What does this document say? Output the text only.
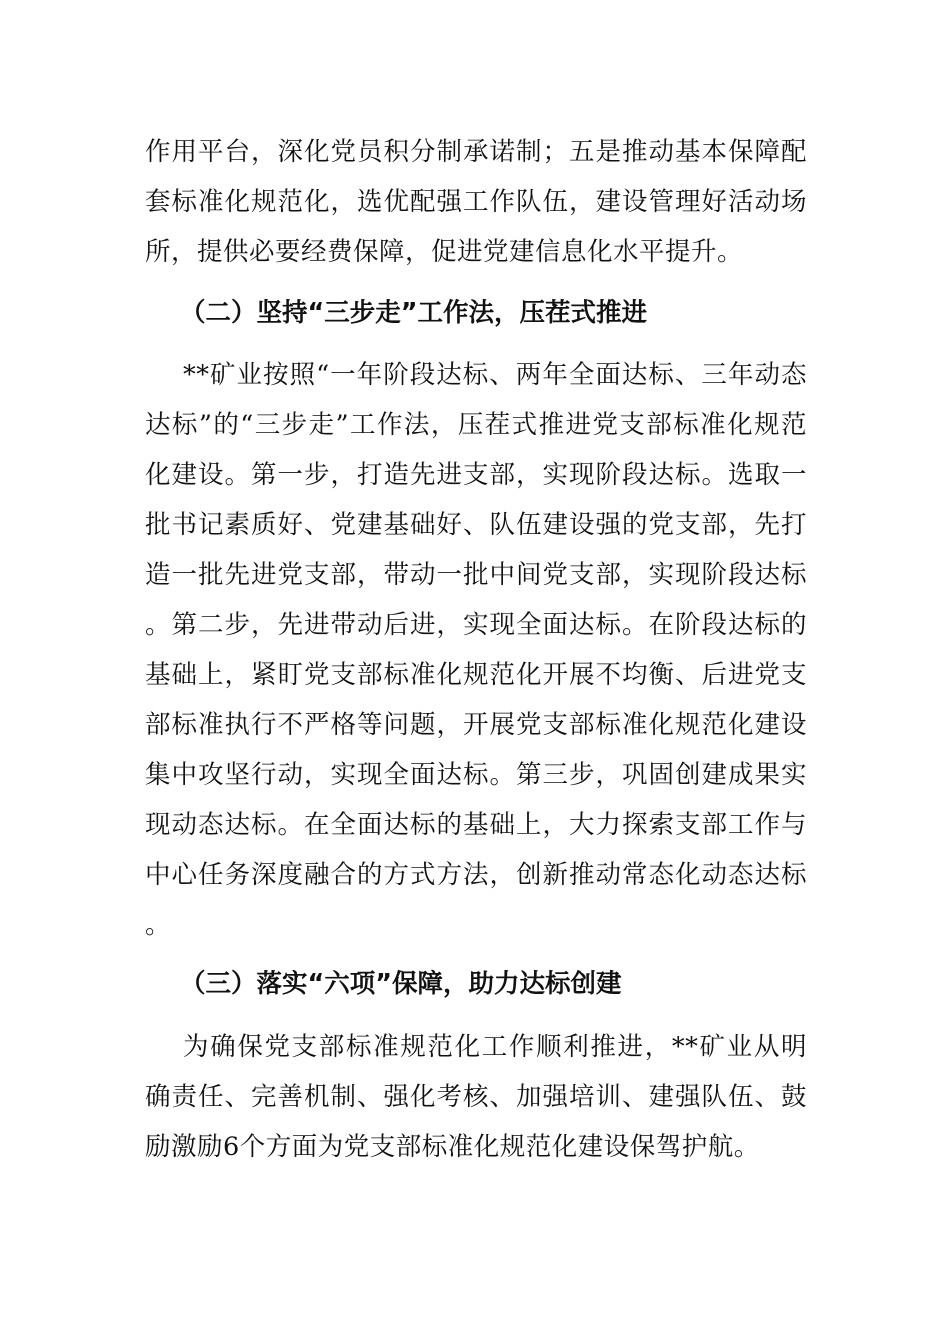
作用平台，深化党员积分制承诺制；五是推动基本保障配套标准化规范化，选优配强工作队伍，建设管理好活动场所，提供必要经费保障，促进党建信息化水平提升。

（二）坚持“三步走”工作法，压茬式推进

**矿业按照“一年阶段达标、两年全面达标、三年动态达标”的“三步走”工作法，压茬式推进党支部标准化规范化建设。第一步，打造先进支部，实现阶段达标。选取一批书记素质好、党建基础好、队伍建设强的党支部，先打造一批先进党支部，带动一批中间党支部，实现阶段达标。第二步，先进带动后进，实现全面达标。在阶段达标的基础上，紧盯党支部标准化规范化开展不均衡、后进党支部标准执行不严格等问题，开展党支部标准化规范化建设集中攻坚行动，实现全面达标。第三步，巩固创建成果实现动态达标。在全面达标的基础上，大力探索支部工作与中心任务深度融合的方式方法，创新推动常态化动态达标。

（三）落实“六项”保障，助力达标创建

为确保党支部标准规范化工作顺利推进，**矿业从明确责任、完善机制、强化考核、加强培训、建强队伍、鼓励激励6个方面为党支部标准化规范化建设保驾护航。
